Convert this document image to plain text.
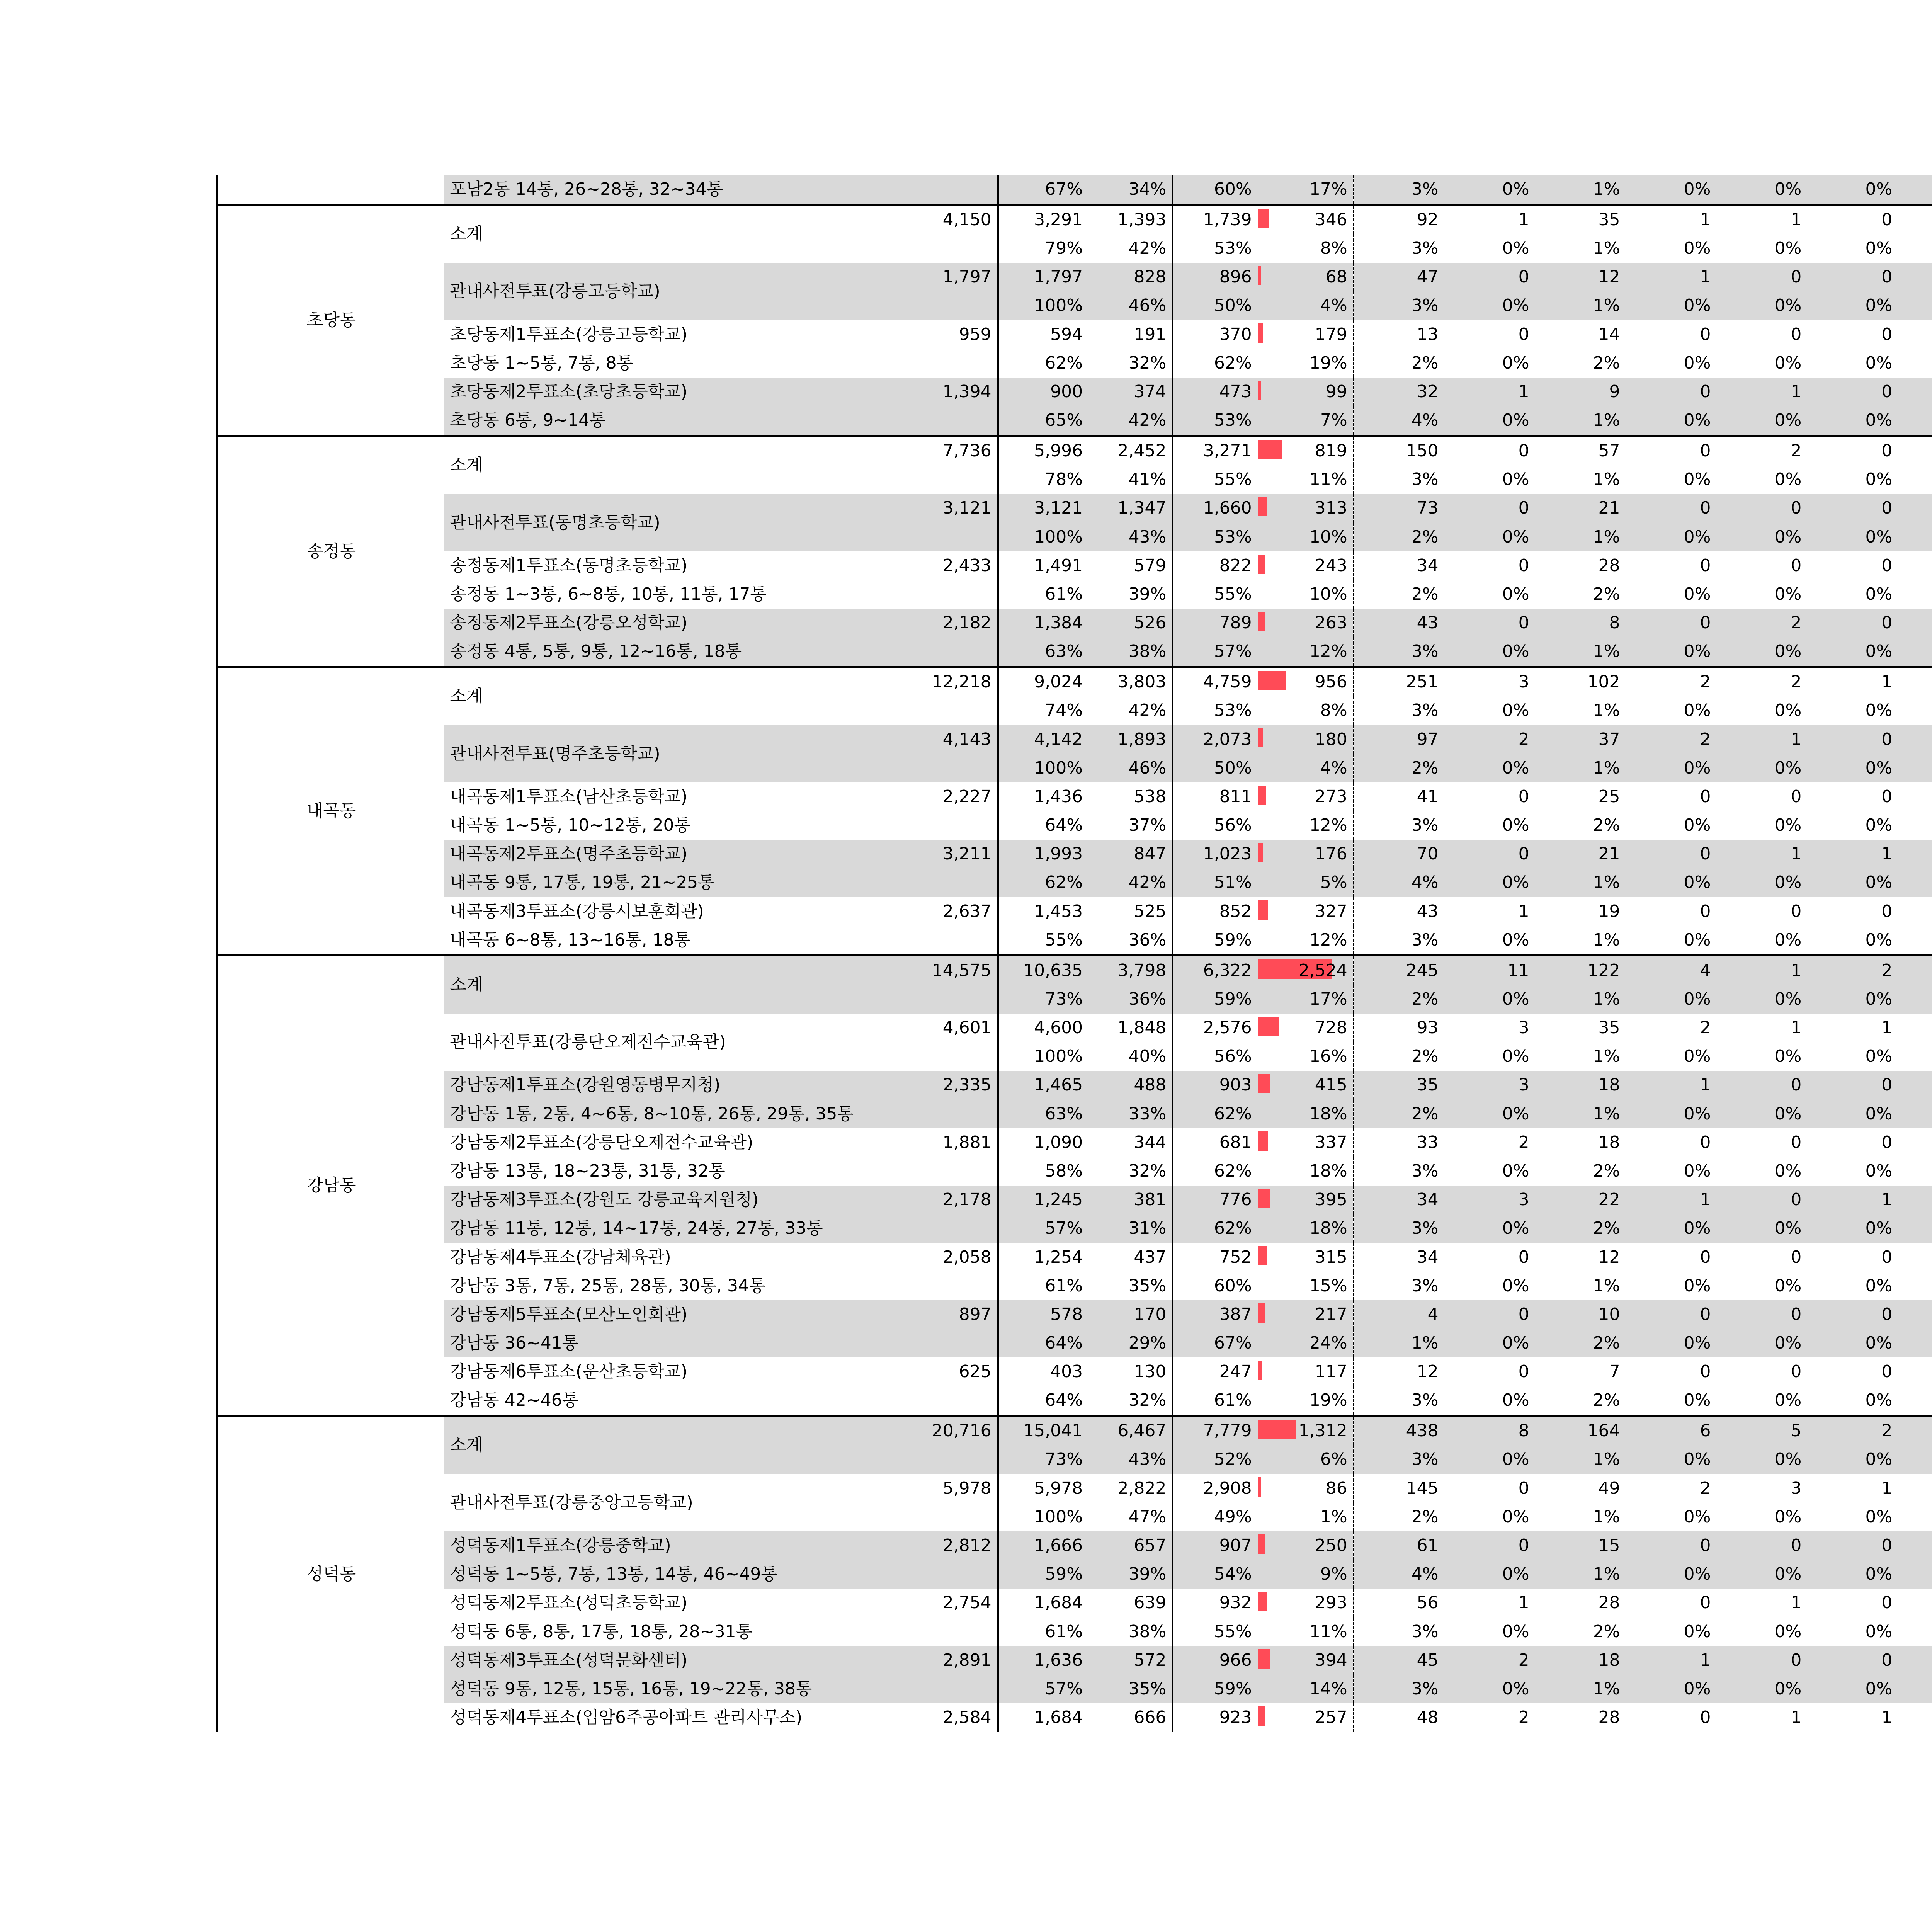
	포남2동 14통, 26~28통, 32~34통		67%	34%	60%	17%	3%	0%	1%	0%	0%	0%							
초당동	소계	4,150	3,291	1,393	1,739	346	92	1	35	1	1	0							
			79%	42%	53%	8%	3%	0%	1%	0%	0%	0%							
	관내사전투표(강릉고등학교)	1,797	1,797	828	896	68	47	0	12	1	0	0							
			100%	46%	50%	4%	3%	0%	1%	0%	0%	0%							
	초당동제1투표소(강릉고등학교)	959	594	191	370	179	13	0	14	0	0	0							
	초당동 1~5통, 7통, 8통		62%	32%	62%	19%	2%	0%	2%	0%	0%	0%							
	초당동제2투표소(초당초등학교)	1,394	900	374	473	99	32	1	9	0	1	0							
	초당동 6통, 9~14통		65%	42%	53%	7%	4%	0%	1%	0%	0%	0%							
송정동	소계	7,736	5,996	2,452	3,271	819	150	0	57	0	2	0							
			78%	41%	55%	11%	3%	0%	1%	0%	0%	0%							
	관내사전투표(동명초등학교)	3,121	3,121	1,347	1,660	313	73	0	21	0	0	0							
			100%	43%	53%	10%	2%	0%	1%	0%	0%	0%							
	송정동제1투표소(동명초등학교)	2,433	1,491	579	822	243	34	0	28	0	0	0							
	송정동 1~3통, 6~8통, 10통, 11통, 17통		61%	39%	55%	10%	2%	0%	2%	0%	0%	0%							
	송정동제2투표소(강릉오성학교)	2,182	1,384	526	789	263	43	0	8	0	2	0							
	송정동 4통, 5통, 9통, 12~16통, 18통		63%	38%	57%	12%	3%	0%	1%	0%	0%	0%							
내곡동	소계	12,218	9,024	3,803	4,759	956	251	3	102	2	2	1							
			74%	42%	53%	8%	3%	0%	1%	0%	0%	0%							
	관내사전투표(명주초등학교)	4,143	4,142	1,893	2,073	180	97	2	37	2	1	0							
			100%	46%	50%	4%	2%	0%	1%	0%	0%	0%							
	내곡동제1투표소(남산초등학교)	2,227	1,436	538	811	273	41	0	25	0	0	0							
	내곡동 1~5통, 10~12통, 20통		64%	37%	56%	12%	3%	0%	2%	0%	0%	0%							
	내곡동제2투표소(명주초등학교)	3,211	1,993	847	1,023	176	70	0	21	0	1	1							
	내곡동 9통, 17통, 19통, 21~25통		62%	42%	51%	5%	4%	0%	1%	0%	0%	0%							
	내곡동제3투표소(강릉시보훈회관)	2,637	1,453	525	852	327	43	1	19	0	0	0							
	내곡동 6~8통, 13~16통, 18통		55%	36%	59%	12%	3%	0%	1%	0%	0%	0%							
강남동	소계	14,575	10,635	3,798	6,322	2,524	245	11	122	4	1	2							
			73%	36%	59%	17%	2%	0%	1%	0%	0%	0%							
	관내사전투표(강릉단오제전수교육관)	4,601	4,600	1,848	2,576	728	93	3	35	2	1	1							
			100%	40%	56%	16%	2%	0%	1%	0%	0%	0%							
	강남동제1투표소(강원영동병무지청)	2,335	1,465	488	903	415	35	3	18	1	0	0							
	강남동 1통, 2통, 4~6통, 8~10통, 26통, 29통, 35통		63%	33%	62%	18%	2%	0%	1%	0%	0%	0%							
	강남동제2투표소(강릉단오제전수교육관)	1,881	1,090	344	681	337	33	2	18	0	0	0							
	강남동 13통, 18~23통, 31통, 32통		58%	32%	62%	18%	3%	0%	2%	0%	0%	0%							
	강남동제3투표소(강원도 강릉교육지원청)	2,178	1,245	381	776	395	34	3	22	1	0	1							
	강남동 11통, 12통, 14~17통, 24통, 27통, 33통		57%	31%	62%	18%	3%	0%	2%	0%	0%	0%							
	강남동제4투표소(강남체육관)	2,058	1,254	437	752	315	34	0	12	0	0	0							
	강남동 3통, 7통, 25통, 28통, 30통, 34통		61%	35%	60%	15%	3%	0%	1%	0%	0%	0%							
	강남동제5투표소(모산노인회관)	897	578	170	387	217	4	0	10	0	0	0							
	강남동 36~41통		64%	29%	67%	24%	1%	0%	2%	0%	0%	0%							
	강남동제6투표소(운산초등학교)	625	403	130	247	117	12	0	7	0	0	0							
	강남동 42~46통		64%	32%	61%	19%	3%	0%	2%	0%	0%	0%							
성덕동	소계	20,716	15,041	6,467	7,779	1,312	438	8	164	6	5	2							
			73%	43%	52%	6%	3%	0%	1%	0%	0%	0%							
	관내사전투표(강릉중앙고등학교)	5,978	5,978	2,822	2,908	86	145	0	49	2	3	1							
			100%	47%	49%	1%	2%	0%	1%	0%	0%	0%							
	성덕동제1투표소(강릉중학교)	2,812	1,666	657	907	250	61	0	15	0	0	0							
	성덕동 1~5통, 7통, 13통, 14통, 46~49통		59%	39%	54%	9%	4%	0%	1%	0%	0%	0%							
	성덕동제2투표소(성덕초등학교)	2,754	1,684	639	932	293	56	1	28	0	1	0							
	성덕동 6통, 8통, 17통, 18통, 28~31통		61%	38%	55%	11%	3%	0%	2%	0%	0%	0%							
	성덕동제3투표소(성덕문화센터)	2,891	1,636	572	966	394	45	2	18	1	0	0							
	성덕동 9통, 12통, 15통, 16통, 19~22통, 38통		57%	35%	59%	14%	3%	0%	1%	0%	0%	0%							
	성덕동제4투표소(입암6주공아파트 관리사무소)	2,584	1,684	666	923	257	48	2	28	0	1	1							
